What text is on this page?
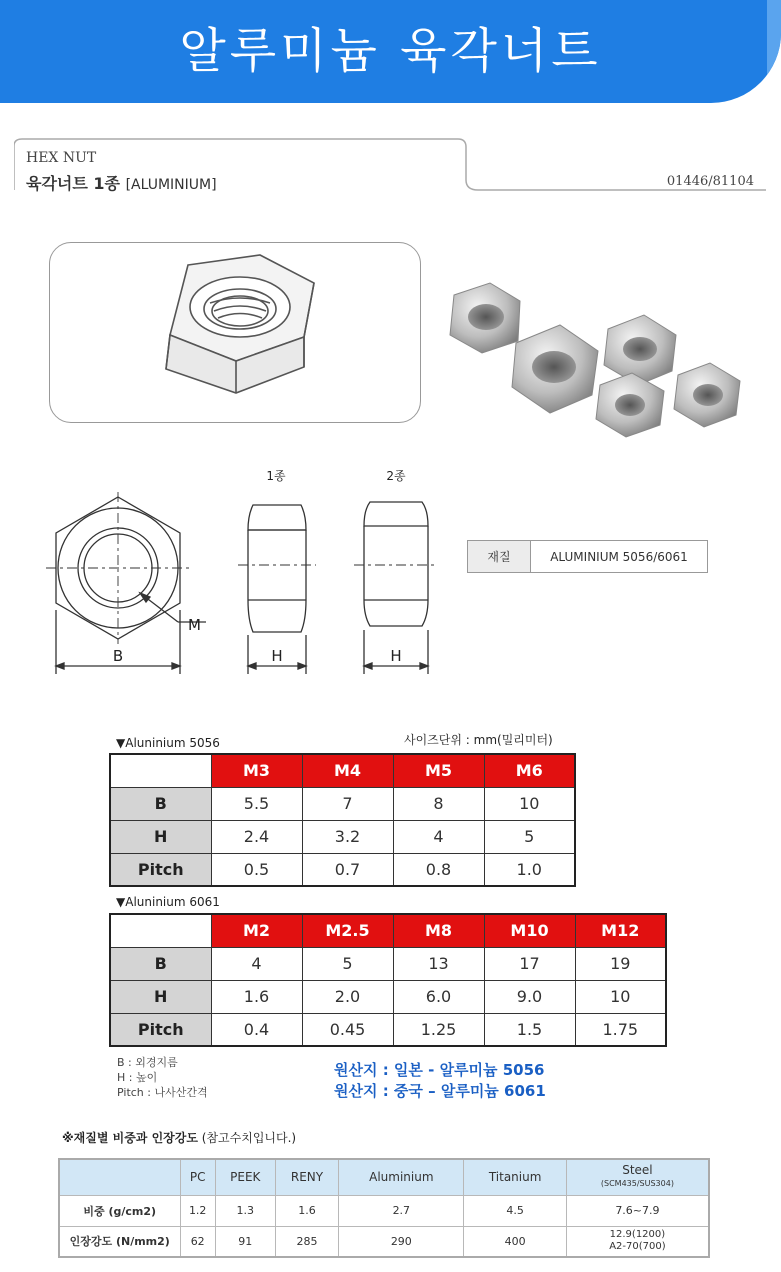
알루미늄 육각너트
HEX NUT
육각너트 1종 [ALUMINIUM]	01446/81104
1종	2종
B
M
H	H
재질	ALUMINIUM 5056/6061
▼Aluninium 5056	사이즈단위 : mm(밀리미터)
	M3	M4	M5	M6
B	5.5	7	8	10
H	2.4	3.2	4	5
Pitch	0.5	0.7	0.8	1.0
▼Aluninium 6061
	M2	M2.5	M8	M10	M12
B	4	5	13	17	19
H	1.6	2.0	6.0	9.0	10
Pitch	0.4	0.45	1.25	1.5	1.75
B : 외경지름
H : 높이
Pitch : 나사산간격
원산지 : 일본 - 알루미늄 5056
원산지 : 중국 – 알루미늄 6061
※재질별 비중과 인장강도 (참고수치입니다.)
	PC	PEEK	RENY	Aluminium	Titanium	Steel
(SCM435/SUS304)

비중 (g/cm2)	1.2	1.3	1.6	2.7	4.5	7.6~7.9
인장강도 (N/mm2)	62	91	285	290	400	12.9(1200)
A2-70(700)
